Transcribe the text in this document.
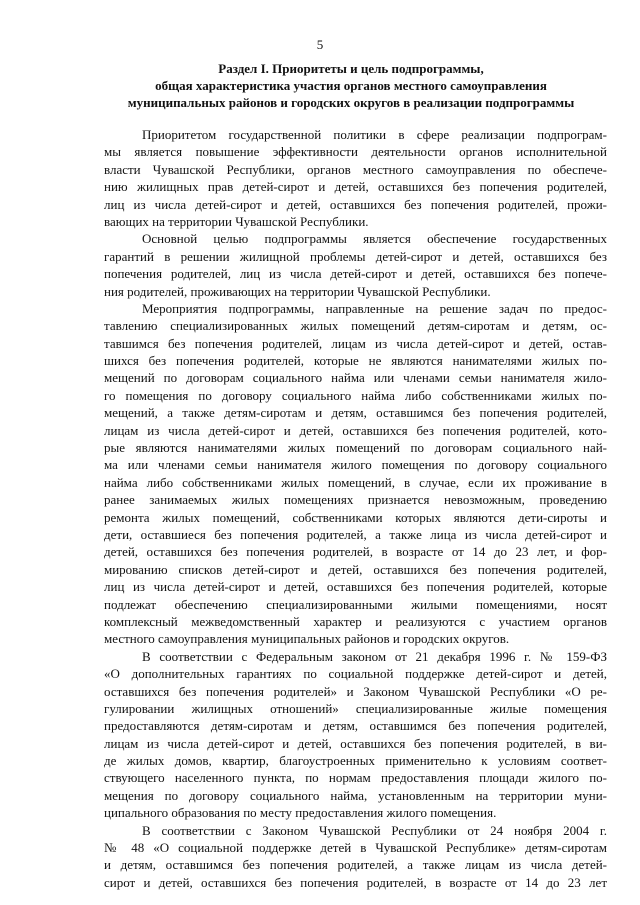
5
Раздел I. Приоритеты и цель подпрограммы,
общая характеристика участия органов местного самоуправления
муниципальных районов и городских округов в реализации подпрограммы
Приоритетом государственной политики в сфере реализации подпрограм-
мы является повышение эффективности деятельности органов исполнительной
власти Чувашской Республики, органов местного самоуправления по обеспече-
нию жилищных прав детей-сирот и детей, оставшихся без попечения родителей,
лиц из числа детей-сирот и детей, оставшихся без попечения родителей, прожи-
вающих на территории Чувашской Республики.
Основной целью подпрограммы является обеспечение государственных
гарантий в решении жилищной проблемы детей-сирот и детей, оставшихся без
попечения родителей, лиц из числа детей-сирот и детей, оставшихся без попече-
ния родителей, проживающих на территории Чувашской Республики.
Мероприятия подпрограммы, направленные на решение задач по предос-
тавлению специализированных жилых помещений детям-сиротам и детям, ос-
тавшимся без попечения родителей, лицам из числа детей-сирот и детей, остав-
шихся без попечения родителей, которые не являются нанимателями жилых по-
мещений по договорам социального найма или членами семьи нанимателя жило-
го помещения по договору социального найма либо собственниками жилых по-
мещений, а также детям-сиротам и детям, оставшимся без попечения родителей,
лицам из числа детей-сирот и детей, оставшихся без попечения родителей, кото-
рые являются нанимателями жилых помещений по договорам социального най-
ма или членами семьи нанимателя жилого помещения по договору социального
найма либо собственниками жилых помещений, в случае, если их проживание в
ранее занимаемых жилых помещениях признается невозможным, проведению
ремонта жилых помещений, собственниками которых являются дети-сироты и
дети, оставшиеся без попечения родителей, а также лица из числа детей-сирот и
детей, оставшихся без попечения родителей, в возрасте от 14 до 23 лет, и фор-
мированию списков детей-сирот и детей, оставшихся без попечения родителей,
лиц из числа детей-сирот и детей, оставшихся без попечения родителей, которые
подлежат обеспечению специализированными жилыми помещениями, носят
комплексный межведомственный характер и реализуются с участием органов
местного самоуправления муниципальных районов и городских округов.
В соответствии с Федеральным законом от 21 декабря 1996 г. № 159-ФЗ
«О дополнительных гарантиях по социальной поддержке детей-сирот и детей,
оставшихся без попечения родителей» и Законом Чувашской Республики «О ре-
гулировании жилищных отношений» специализированные жилые помещения
предоставляются детям-сиротам и детям, оставшимся без попечения родителей,
лицам из числа детей-сирот и детей, оставшихся без попечения родителей, в ви-
де жилых домов, квартир, благоустроенных применительно к условиям соответ-
ствующего населенного пункта, по нормам предоставления площади жилого по-
мещения по договору социального найма, установленным на территории муни-
ципального образования по месту предоставления жилого помещения.
В соответствии с Законом Чувашской Республики от 24 ноября 2004 г.
№ 48 «О социальной поддержке детей в Чувашской Республике» детям-сиротам
и детям, оставшимся без попечения родителей, а также лицам из числа детей-
сирот и детей, оставшихся без попечения родителей, в возрасте от 14 до 23 лет
